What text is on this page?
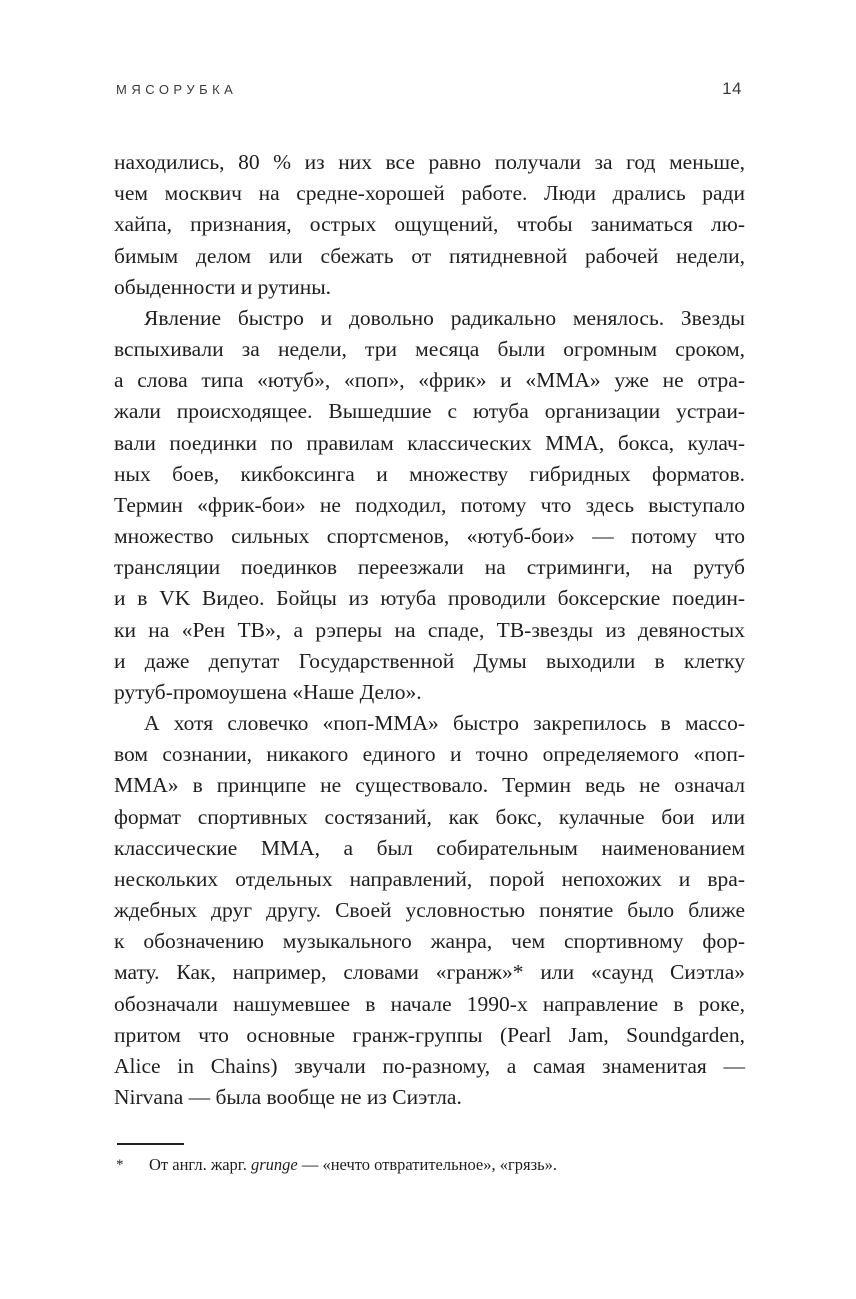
МЯСОРУБКА	14
находились, 80 % из них все равно получали за год меньше,
чем москвич на средне-хорошей работе. Люди дрались ради
хайпа, признания, острых ощущений, чтобы заниматься лю-
бимым делом или сбежать от пятидневной рабочей недели,
обыденности и рутины.
Явление быстро и довольно радикально менялось. Звезды
вспыхивали за недели, три месяца были огромным сроком,
а слова типа «ютуб», «поп», «фрик» и «ММА» уже не отра-
жали происходящее. Вышедшие с ютуба организации устраи-
вали поединки по правилам классических ММА, бокса, кулач-
ных боев, кикбоксинга и множеству гибридных форматов.
Термин «фрик-бои» не подходил, потому что здесь выступало
множество сильных спортсменов, «ютуб-бои» — потому что
трансляции поединков переезжали на стриминги, на рутуб
и в VK Видео. Бойцы из ютуба проводили боксерские поедин-
ки на «Рен ТВ», а рэперы на спаде, ТВ-звезды из девяностых
и даже депутат Государственной Думы выходили в клетку
рутуб-промоушена «Наше Дело».
А хотя словечко «поп-ММА» быстро закрепилось в массо-
вом сознании, никакого единого и точно определяемого «поп-
ММА» в принципе не существовало. Термин ведь не означал
формат спортивных состязаний, как бокс, кулачные бои или
классические ММА, а был собирательным наименованием
нескольких отдельных направлений, порой непохожих и вра-
ждебных друг другу. Своей условностью понятие было ближе
к обозначению музыкального жанра, чем спортивному фор-
мату. Как, например, словами «гранж»* или «саунд Сиэтла»
обозначали нашумевшее в начале 1990-х направление в роке,
притом что основные гранж-группы (Pearl Jam, Soundgarden,
Alice in Chains) звучали по-разному, а самая знаменитая —
Nirvana — была вообще не из Сиэтла.
*	От англ. жарг. grunge — «нечто отвратительное», «грязь».
